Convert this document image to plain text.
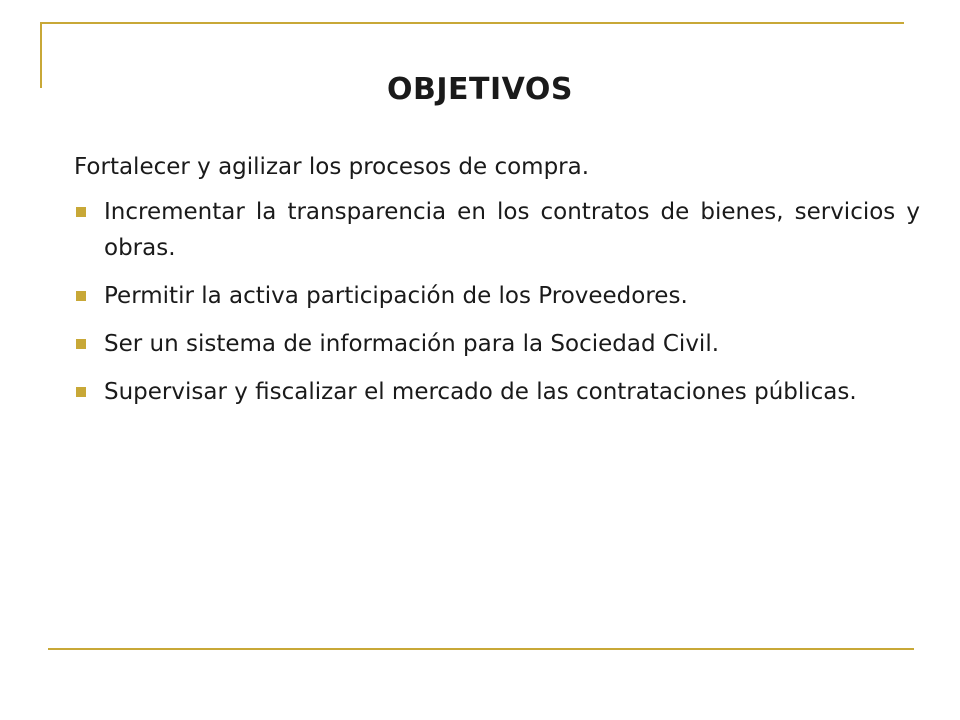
OBJETIVOS
Fortalecer y agilizar los procesos de compra.
Incrementar la transparencia en los contratos de bienes, servicios y obras.
Permitir la activa participación de los Proveedores.
Ser un sistema de información para la Sociedad Civil.
Supervisar y fiscalizar el mercado de las contrataciones públicas.
